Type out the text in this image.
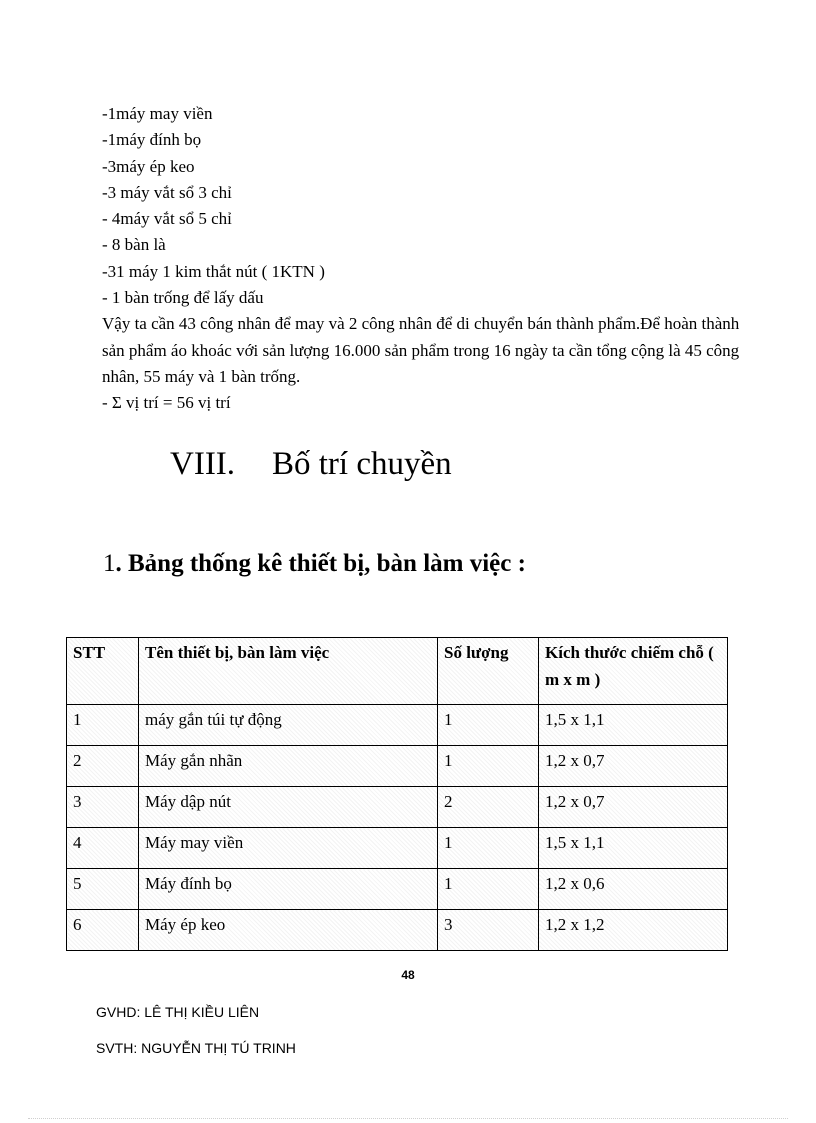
-1máy may viền
-1máy đính bọ
-3máy ép keo
-3 máy vắt sổ 3 chỉ
- 4máy vắt sổ 5 chỉ
- 8 bàn là
-31 máy 1 kim thắt nút ( 1KTN )
- 1 bàn trống để lấy dấu
Vậy ta cần 43 công nhân để may và 2 công nhân để di chuyển bán thành phẩm.Để hoàn thành sản phẩm áo khoác với sản lượng 16.000 sản phẩm trong 16 ngày ta cần tổng cộng là 45 công nhân, 55 máy và 1 bàn trống.
- Σ vị trí = 56 vị trí
VIII. Bố trí chuyền
1. Bảng thống kê thiết bị, bàn làm việc :
STT	Tên thiết bị, bàn làm việc	Số lượng	Kích thước chiếm chỗ ( m x m )
1	máy gắn túi tự động	1	1,5 x 1,1
2	Máy gắn nhãn	1	1,2 x 0,7
3	Máy dập nút	2	1,2 x 0,7
4	Máy may viền	1	1,5 x 1,1
5	Máy đính bọ	1	1,2 x 0,6
6	Máy ép keo	3	1,2 x 1,2
48
GVHD: LÊ THỊ KIỀU LIÊN
SVTH: NGUYỄN THỊ TÚ TRINH
